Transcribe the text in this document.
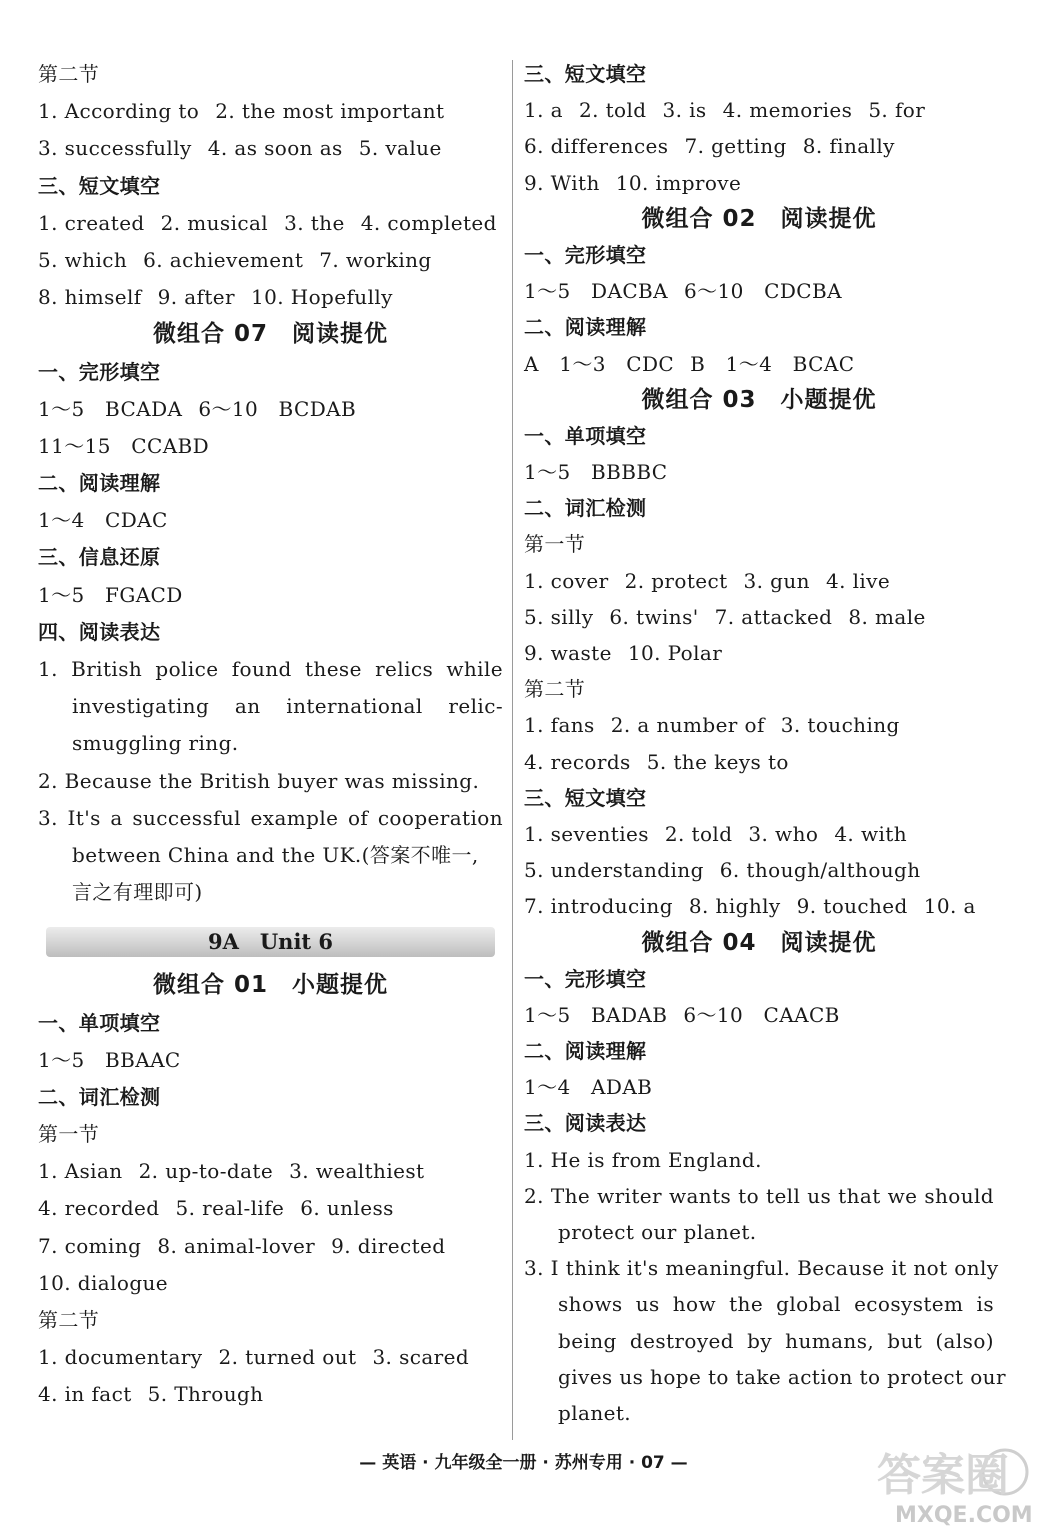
第二节
1. According to 2. the most important
3. successfully 4. as soon as 5. value
三、短文填空
1. created 2. musical 3. the 4. completed
5. which 6. achievement 7. working
8. himself 9. after 10. Hopefully
微组合 07　阅读提优
一、完形填空
1～5　BCADA 6～10　BCDAB
11～15　CCABD
二、阅读理解
1～4　CDAC
三、信息还原
1～5　FGACD
四、阅读表达
1. British police found these relics while
investigating an international relic-
smuggling ring.
2. Because the British buyer was missing.
3. It's a successful example of cooperation
between China and the UK.(答案不唯一,
言之有理即可)
9A　Unit 6
微组合 01　小题提优
一、单项填空
1～5　BBAAC
二、词汇检测
第一节
1. Asian 2. up-to-date 3. wealthiest
4. recorded 5. real-life 6. unless
7. coming 8. animal-lover 9. directed
10. dialogue
第二节
1. documentary 2. turned out 3. scared
4. in fact 5. Through
三、短文填空
1. a 2. told 3. is 4. memories 5. for
6. differences 7. getting 8. finally
9. With 10. improve
微组合 02　阅读提优
一、完形填空
1～5　DACBA 6～10　CDCBA
二、阅读理解
A　1～3　CDC B　1～4　BCAC
微组合 03　小题提优
一、单项填空
1～5　BBBBC
二、词汇检测
第一节
1. cover 2. protect 3. gun 4. live
5. silly 6. twins' 7. attacked 8. male
9. waste 10. Polar
第二节
1. fans 2. a number of 3. touching
4. records 5. the keys to
三、短文填空
1. seventies 2. told 3. who 4. with
5. understanding 6. though/although
7. introducing 8. highly 9. touched 10. a
微组合 04　阅读提优
一、完形填空
1～5　BADAB 6～10　CAACB
二、阅读理解
1～4　ADAB
三、阅读表达
1. He is from England.
2. The writer wants to tell us that we should
protect our planet.
3. I think it's meaningful. Because it not only
shows us how the global ecosystem is
being destroyed by humans, but (also)
gives us hope to take action to protect our
planet.
— 英语 · 九年级全一册 · 苏州专用 · 07 —	答案圈
MXQE.COM
